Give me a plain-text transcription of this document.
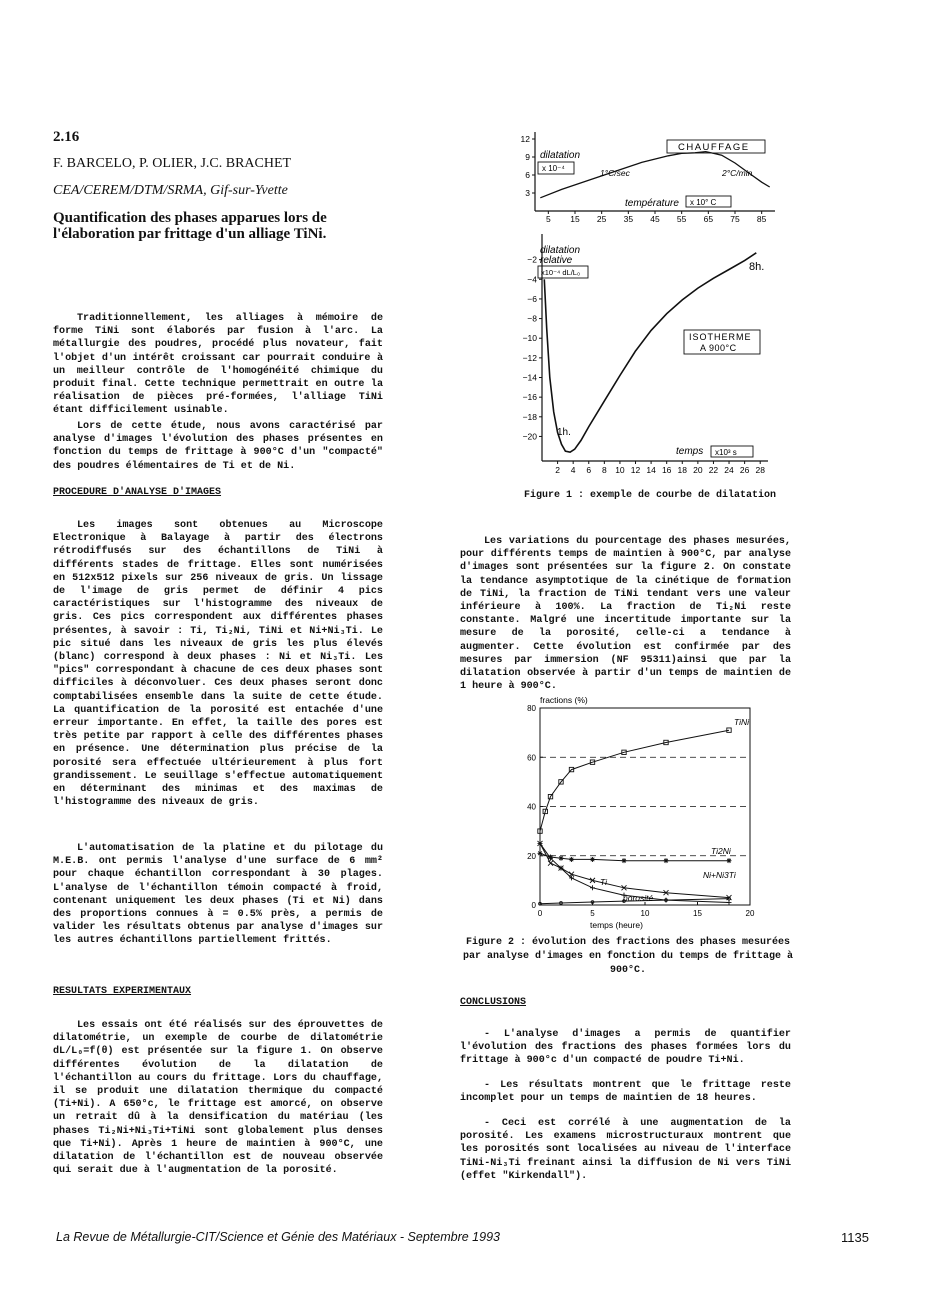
2.16
F. BARCELO, P. OLIER, J.C. BRACHET
CEA/CEREM/DTM/SRMA, Gif-sur-Yvette
Quantification des phases apparues lors de l'élaboration par frittage d'un alliage TiNi.
Traditionnellement, les alliages à mémoire de forme TiNi sont élaborés par fusion à l'arc. La métallurgie des poudres, procédé plus novateur, fait l'objet d'un intérêt croissant car pourrait conduire à un meilleur contrôle de l'homogénéité chimique du produit final. Cette technique permettrait en outre la réalisation de pièces pré-formées, l'alliage TiNi étant difficilement usinable.
Lors de cette étude, nous avons caractérisé par analyse d'images l'évolution des phases présentes en fonction du temps de frittage à 900°C d'un "compacté" des poudres élémentaires de Ti et de Ni.
PROCEDURE D'ANALYSE D'IMAGES
Les images sont obtenues au Microscope Electronique à Balayage à partir des électrons rétrodiffusés sur des échantillons de TiNi à différents stades de frittage. Elles sont numérisées en 512x512 pixels sur 256 niveaux de gris. Un lissage de l'image de gris permet de définir 4 pics caractéristiques sur l'histogramme des niveaux de gris. Ces pics correspondent aux différentes phases présentes, à savoir : Ti, Ti₂Ni, TiNi et Ni+Ni₃Ti. Le pic situé dans les niveaux de gris les plus élevés (blanc) correspond à deux phases : Ni et Ni₃Ti. Les "pics" correspondant à chacune de ces deux phases sont difficiles à déconvoluer. Ces deux phases seront donc comptabilisées ensemble dans la suite de cette étude. La quantification de la porosité est entachée d'une erreur importante. En effet, la taille des pores est très petite par rapport à celle des différentes phases en présence. Une détermination plus précise de la porosité sera effectuée ultérieurement à plus fort grandissement. Le seuillage s'effectue automatiquement en déterminant des minimas et des maximas de l'histogramme des niveaux de gris.
L'automatisation de la platine et du pilotage du M.E.B. ont permis l'analyse d'une surface de 6 mm² pour chaque échantillon correspondant à 30 plages. L'analyse de l'échantillon témoin compacté à froid, contenant uniquement les deux phases (Ti et Ni) dans des proportions connues à = 0.5% près, a permis de valider les résultats obtenus par analyse d'images sur les autres échantillons partiellement frittés.
RESULTATS EXPERIMENTAUX
Les essais ont été réalisés sur des éprouvettes de dilatométrie, un exemple de courbe de dilatométrie dL/L₀=f(θ) est présentée sur la figure 1. On observe différentes évolution de la dilatation de l'échantillon au cours du frittage. Lors du chauffage, il se produit une dilatation thermique du compacté (Ti+Ni). A 650°c, le frittage est amorcé, on observe un retrait dû à la densification du matériau (les phases Ti₂Ni+Ni₃Ti+TiNi sont globalement plus denses que Ti+Ni). Après 1 heure de maintien à 900°C, une dilatation de l'échantillon est de nouveau observée qui serait due à l'augmentation de la porosité.
5 15 25 35 45 55 65 75 85
3
6
9
12
dilatation
x 10⁻⁴
CHAUFFAGE
1°C/sec	2°C/min
température x 10° C
2 4 6 8 10 12 14 16 18 20 22 24 26 28
−2
−4
−6
−8
−10
−12
−14
−16
−18
−20
dilatation
relative
x10⁻⁴ dL/L₀
ISOTHERME
A 900°C
1h.
8h.
temps x10³ s
Figure 1 : exemple de courbe de dilatation
Les variations du pourcentage des phases mesurées, pour différents temps de maintien à 900°C, par analyse d'images sont présentées sur la figure 2. On constate la tendance asymptotique de la cinétique de formation de TiNi, la fraction de TiNi tendant vers une valeur inférieure à 100%. La fraction de Ti₂Ni reste constante. Malgré une incertitude importante sur la mesure de la porosité, celle-ci a tendance à augmenter. Cette évolution est confirmée par des mesures par immersion (NF 95311)ainsi que par la dilatation observée à partir d'un temps de maintien de 1 heure à 900°C.
fractions (%)
temps (heure)
0	5	10	15	20
0
20
40
60
80
TiNi
Ti2Ni
Ni+Ni3Ti
Ti
porosité
Figure 2 : évolution des fractions des phases mesurées
par analyse d'images en fonction du temps de frittage à
900°C.
CONCLUSIONS
- L'analyse d'images a permis de quantifier l'évolution des fractions des phases formées lors du frittage à 900°c d'un compacté de poudre Ti+Ni.
- Les résultats montrent que le frittage reste incomplet pour un temps de maintien de 18 heures.
- Ceci est corrélé à une augmentation de la porosité. Les examens microstructuraux montrent que les porosités sont localisées au niveau de l'interface TiNi-Ni₃Ti freinant ainsi la diffusion de Ni vers TiNi (effet "Kirkendall").
La Revue de Métallurgie-CIT/Science et Génie des Matériaux - Septembre 1993	1135
